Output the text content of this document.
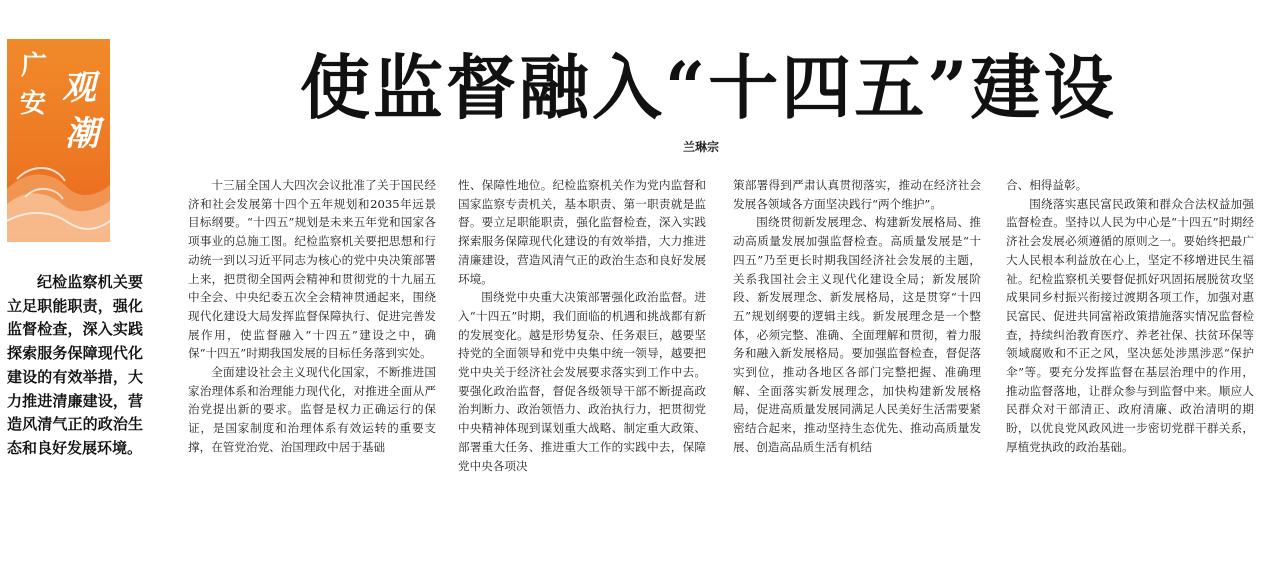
广
安 观
潮
使监督融入“十四五”建设
兰琳宗

纪检监察机关要立足职能职责，强化监督检查，深入实践探索服务保障现代化建设的有效举措，大力推进清廉建设，营造风清气正的政治生态和良好发展环境。

十三届全国人大四次会议批准了关于国民经济和社会发展第十四个五年规划和2035年远景目标纲要。“十四五”规划是未来五年党和国家各项事业的总施工图。纪检监察机关要把思想和行动统一到以习近平同志为核心的党中央决策部署上来，把贯彻全国两会精神和贯彻党的十九届五中全会、中央纪委五次全会精神贯通起来，围绕现代化建设大局发挥监督保障执行、促进完善发展作用，使监督融入“十四五”建设之中，确保“十四五”时期我国发展的目标任务落到实处。

全面建设社会主义现代化国家，不断推进国家治理体系和治理能力现代化，对推进全面从严治党提出新的要求。监督是权力正确运行的保证，是国家制度和治理体系有效运转的重要支撑，在管党治党、治国理政中居于基础

性、保障性地位。纪检监察机关作为党内监督和国家监察专责机关，基本职责、第一职责就是监督。要立足职能职责，强化监督检查，深入实践探索服务保障现代化建设的有效举措，大力推进清廉建设，营造风清气正的政治生态和良好发展环境。

围绕党中央重大决策部署强化政治监督。进入“十四五”时期，我们面临的机遇和挑战都有新的发展变化。越是形势复杂、任务艰巨，越要坚持党的全面领导和党中央集中统一领导，越要把党中央关于经济社会发展要求落实到工作中去。要强化政治监督，督促各级领导干部不断提高政治判断力、政治领悟力、政治执行力，把贯彻党中央精神体现到谋划重大战略、制定重大政策、部署重大任务、推进重大工作的实践中去，保障党中央各项决

策部署得到严肃认真贯彻落实，推动在经济社会发展各领域各方面坚决践行“两个维护”。

围绕贯彻新发展理念、构建新发展格局、推动高质量发展加强监督检查。高质量发展是“十四五”乃至更长时期我国经济社会发展的主题，关系我国社会主义现代化建设全局；新发展阶段、新发展理念、新发展格局，这是贯穿“十四五”规划纲要的逻辑主线。新发展理念是一个整体，必须完整、准确、全面理解和贯彻，着力服务和融入新发展格局。要加强监督检查，督促落实到位，推动各地区各部门完整把握、准确理解、全面落实新发展理念，加快构建新发展格局，促进高质量发展同满足人民美好生活需要紧密结合起来，推动坚持生态优先、推动高质量发展、创造高品质生活有机结

合、相得益彰。

围绕落实惠民富民政策和群众合法权益加强监督检查。坚持以人民为中心是“十四五”时期经济社会发展必须遵循的原则之一。要始终把最广大人民根本利益放在心上，坚定不移增进民生福祉。纪检监察机关要督促抓好巩固拓展脱贫攻坚成果同乡村振兴衔接过渡期各项工作，加强对惠民富民、促进共同富裕政策措施落实情况监督检查，持续纠治教育医疗、养老社保、扶贫环保等领域腐败和不正之风，坚决惩处涉黑涉恶“保护伞”等。要充分发挥监督在基层治理中的作用，推动监督落地，让群众参与到监督中来。顺应人民群众对干部清正、政府清廉、政治清明的期盼，以优良党风政风进一步密切党群干群关系，厚植党执政的政治基础。
